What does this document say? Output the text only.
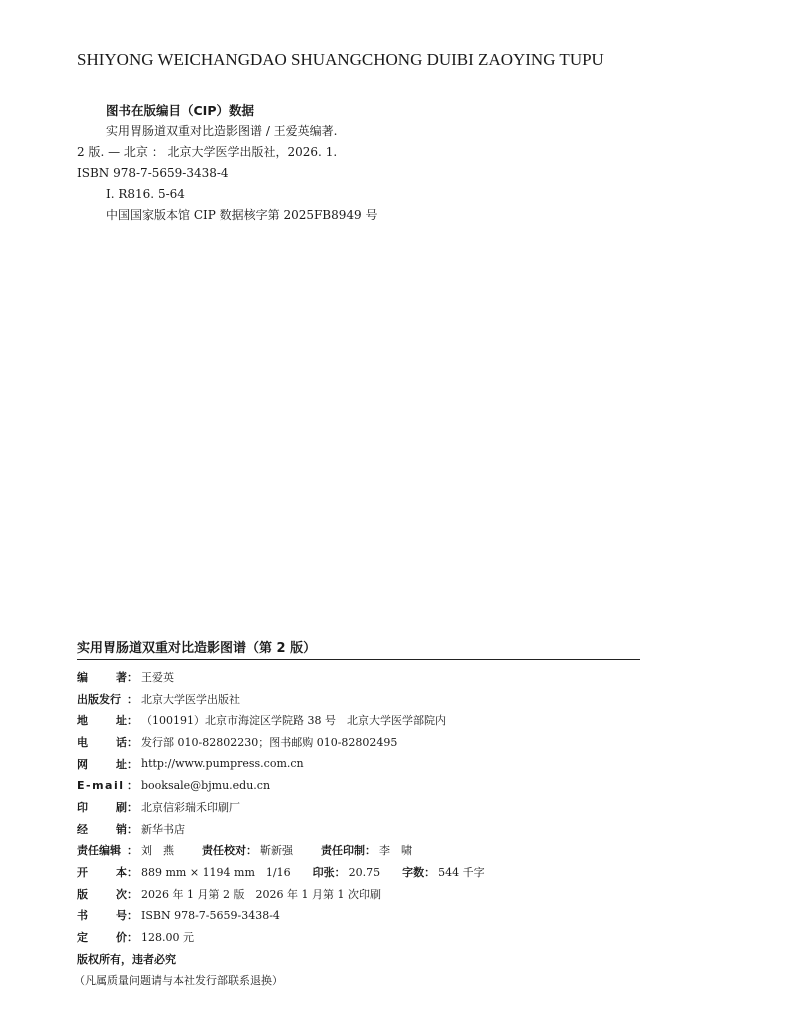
SHIYONG WEICHANGDAO SHUANGCHONG DUIBI ZAOYING TUPU
图书在版编目（CIP）数据
实用胃肠道双重对比造影图谱 / 王爱英编著.
2 版. — 北京 ： 北京大学医学出版社，2026. 1.
ISBN 978-7-5659-3438-4
Ⅰ. R816. 5-64
中国国家版本馆 CIP 数据核字第 2025FB8949 号
实用胃肠道双重对比造影图谱（第 2 版）
编	著 ： 王爱英
出版发行 ： 北京大学医学出版社
地	址 ： （100191）北京市海淀区学院路 38 号　北京大学医学部院内
电	话 ： 发行部 010-82802230；图书邮购 010-82802495
网	址 ： http://www.pumpress.com.cn
E-mail ： booksale@bjmu.edu.cn
印	刷 ： 北京信彩瑞禾印刷厂
经	销 ： 新华书店
责任编辑 ： 刘　燕	责任校对 ： 靳新强	责任印制 ： 李　啸
开	本 ： 889 mm × 1194 mm　1/16 印张 ： 20.75 字数 ： 544 千字
版	次 ： 2026 年 1 月第 2 版　2026 年 1 月第 1 次印刷
书	号 ： ISBN 978-7-5659-3438-4
定	价 ： 128.00 元
版权所有，违者必究
（凡属质量问题请与本社发行部联系退换）
